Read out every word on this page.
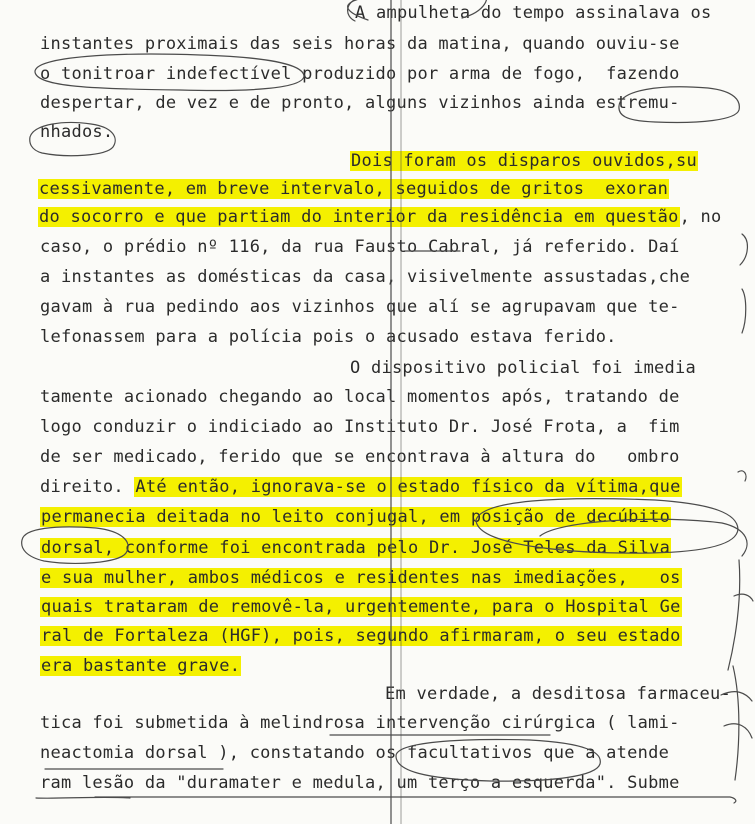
A ampulheta do tempo assinalava os
instantes proximais das seis horas da matina, quando ouviu-se
o tonitroar indefectível produzido por arma de fogo,  fazendo
despertar, de vez e de pronto, alguns vizinhos ainda estremu-
nhados.
Dois foram os disparos ouvidos,su
cessivamente, em breve intervalo, seguidos de gritos  exoran
do socorro e que partiam do interior da residência em questão, no
caso, o prédio nº 116, da rua Fausto Cabral, já referido. Daí
a instantes as domésticas da casa, visivelmente assustadas,che
gavam à rua pedindo aos vizinhos que alí se agrupavam que te-
lefonassem para a polícia pois o acusado estava ferido.
O dispositivo policial foi imedia
tamente acionado chegando ao local momentos após, tratando de
logo conduzir o indiciado ao Instituto Dr. José Frota, a  fim
de ser medicado, ferido que se encontrava à altura do   ombro
direito. Até então, ignorava-se o estado físico da vítima,que
permanecia deitada no leito conjugal, em posição de decúbito
dorsal, conforme foi encontrada pelo Dr. José Teles da Silva
e sua mulher, ambos médicos e residentes nas imediações,   os
quais trataram de removê-la, urgentemente, para o Hospital Ge
ral de Fortaleza (HGF), pois, segundo afirmaram, o seu estado
era bastante grave.
Em verdade, a desditosa farmaceu-
tica foi submetida à melindrosa intervenção cirúrgica ( lami-
neactomia dorsal ), constatando os facultativos que a atende
ram lesão da "duramater e medula, um terço a esquerda". Subme
